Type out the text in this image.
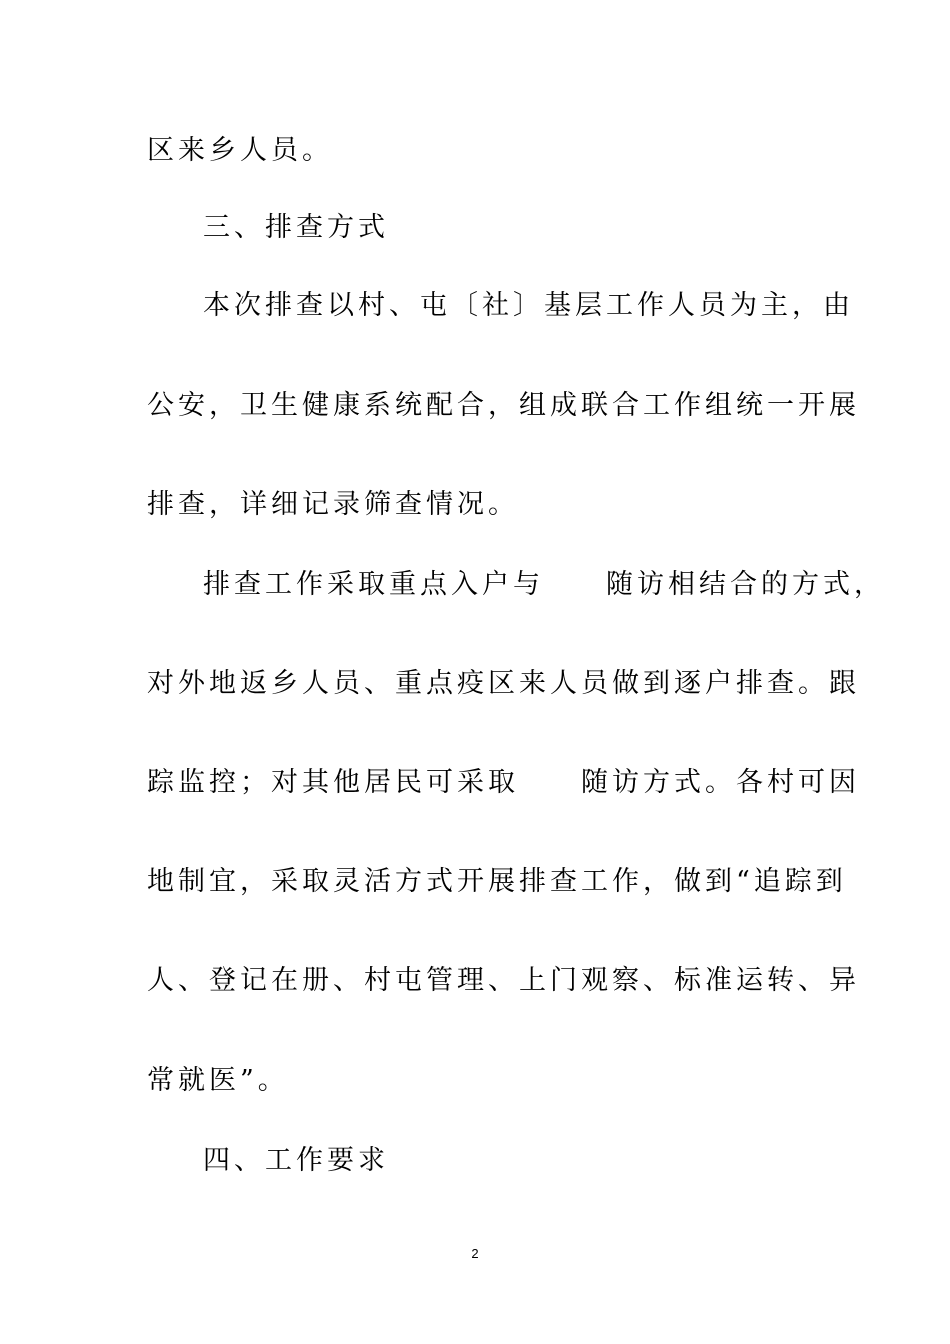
区来乡人员。
三、排查方式
本次排查以村、屯〔社〕基层工作人员为主，由
公安，卫生健康系统配合，组成联合工作组统一开展
排查，详细记录筛查情况。
排查工作采取重点入户与　　随访相结合的方式，
对外地返乡人员、重点疫区来人员做到逐户排查。跟
踪监控；对其他居民可采取　　随访方式。各村可因
地制宜，采取灵活方式开展排查工作，做到“追踪到
人、登记在册、村屯管理、上门观察、标准运转、异
常就医”。
四、工作要求
2
